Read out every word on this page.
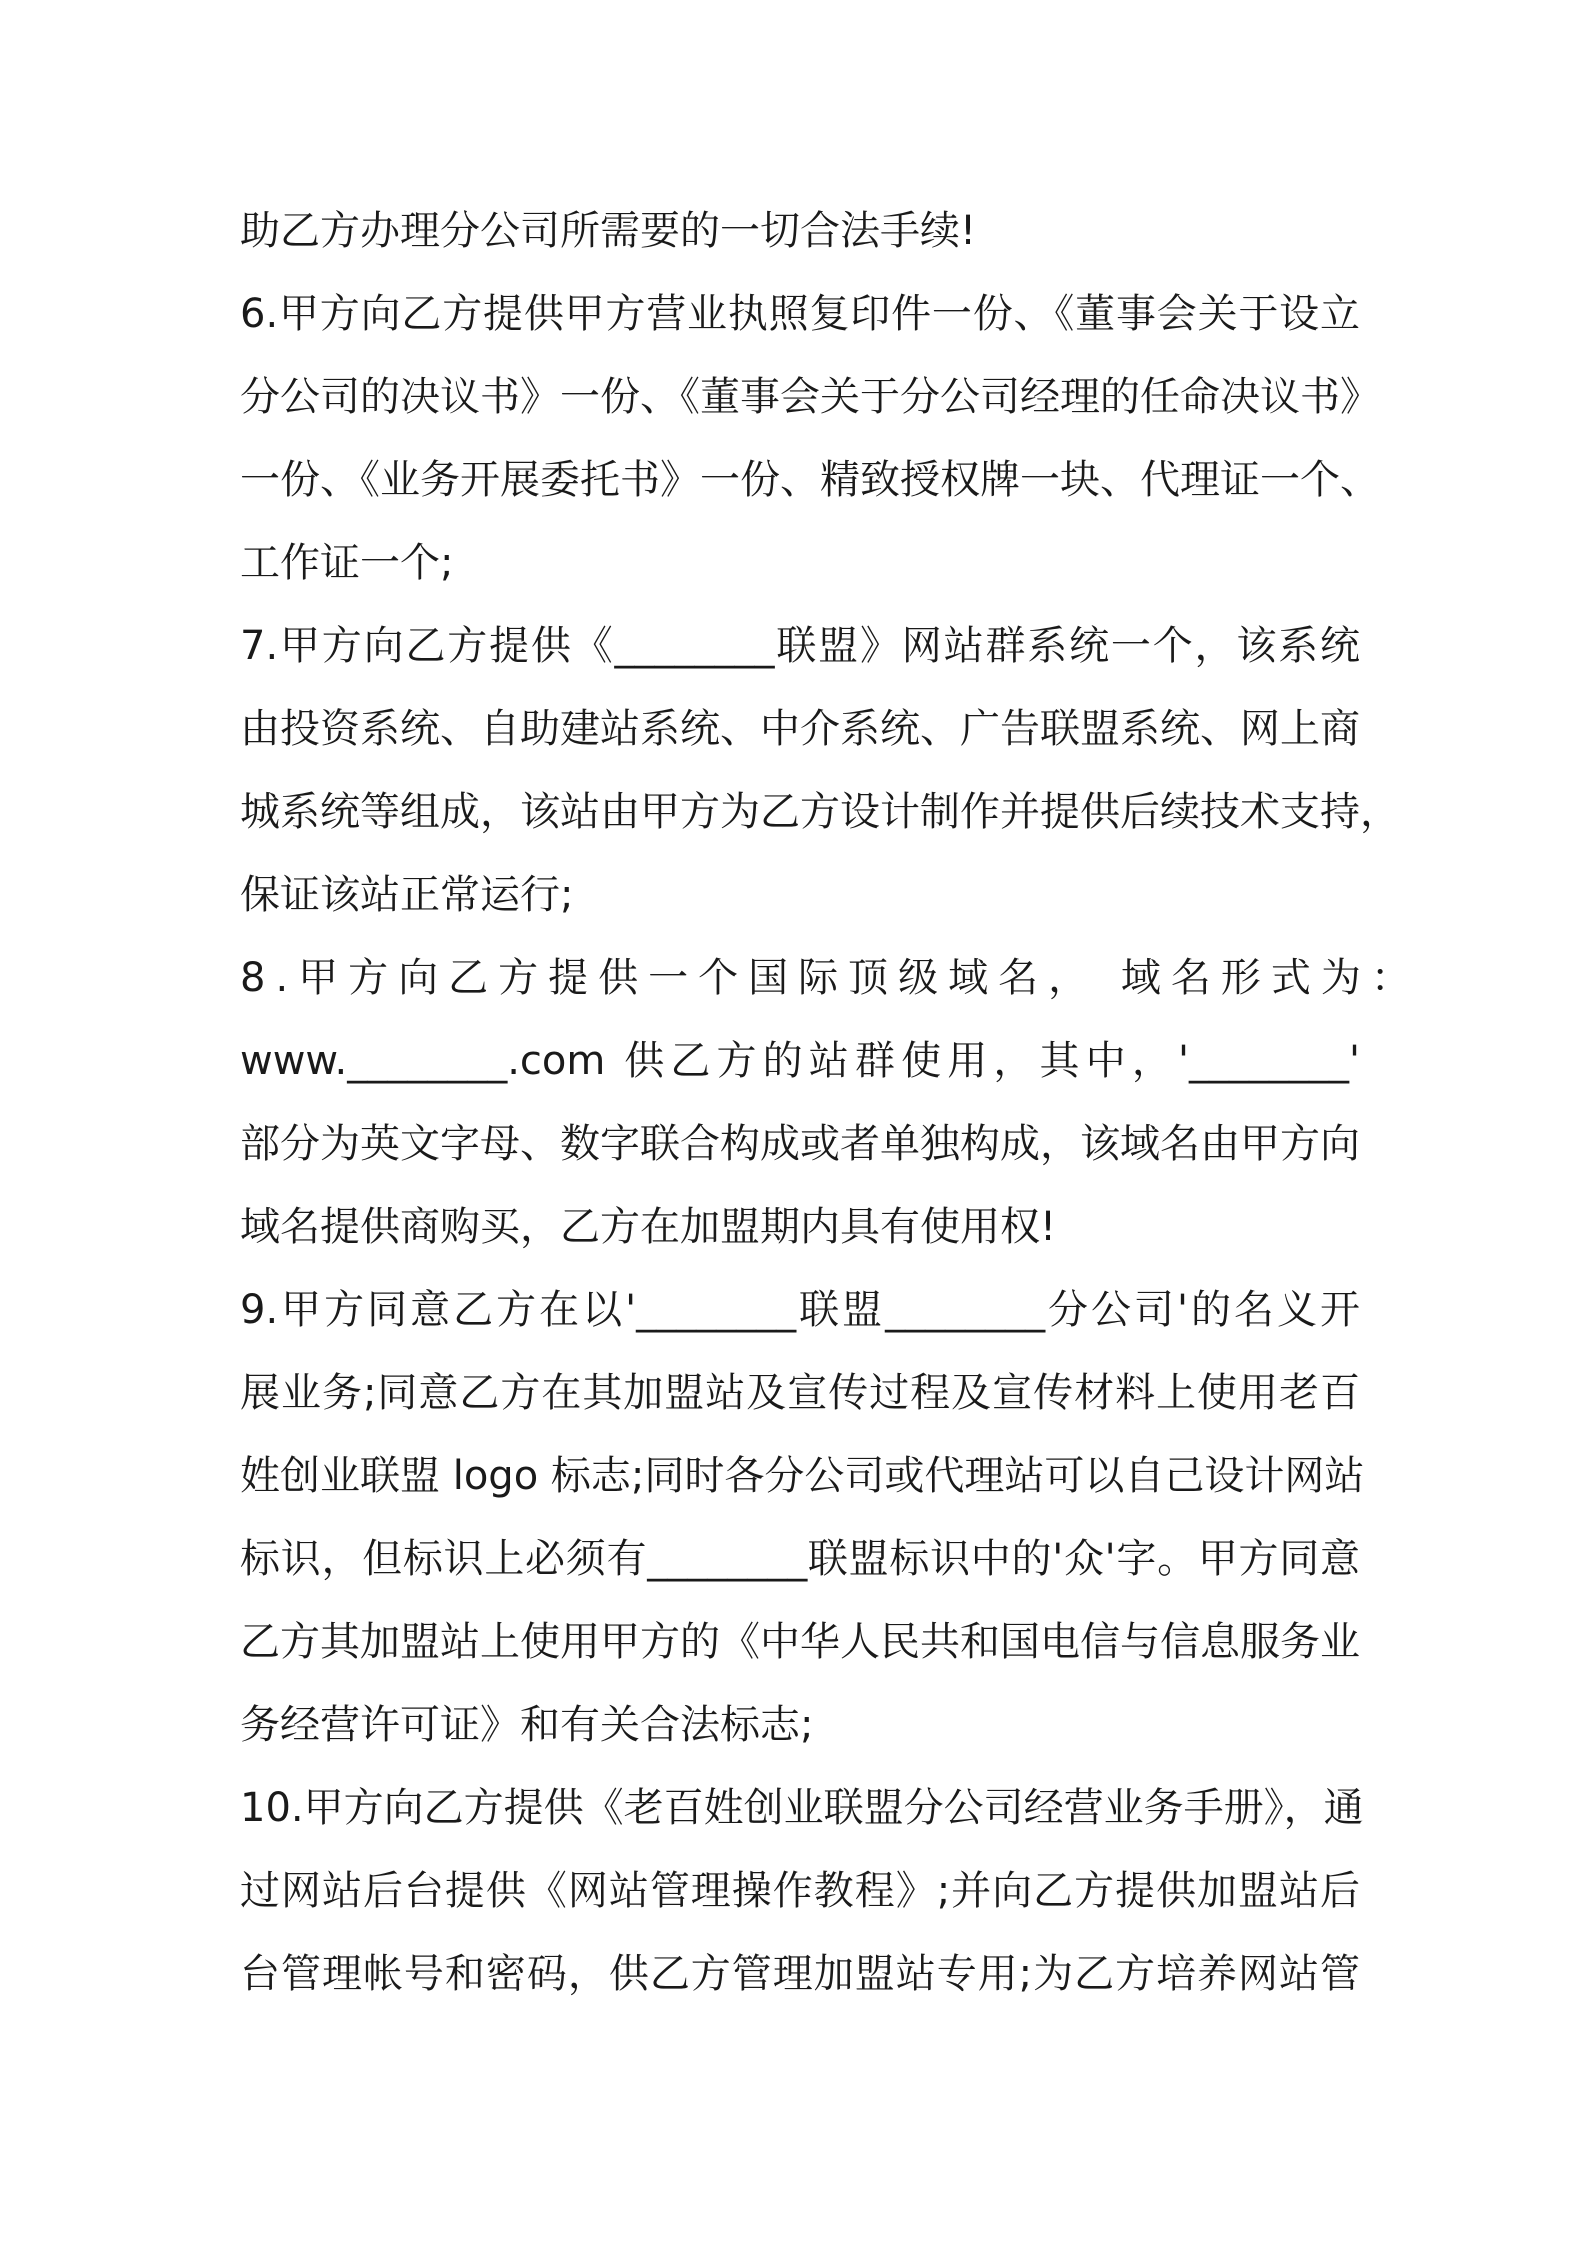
助乙方办理分公司所需要的一切合法手续!
6.甲方向乙方提供甲方营业执照复印件一份、《董事会关于设立
分公司的决议书》一份、《董事会关于分公司经理的任命决议书》
一份、《业务开展委托书》一份、精致授权牌一块、代理证一个、
工作证一个;
7.甲方向乙方提供《________联盟》网站群系统一个，该系统
由投资系统、自助建站系统、中介系统、广告联盟系统、网上商
城系统等组成，该站由甲方为乙方设计制作并提供后续技术支持，
保证该站正常运行;
8.甲方向乙方提供一个国际顶级域名， 域名形式为：
www.________.com 供乙方的站群使用，其中，'________'
部分为英文字母、数字联合构成或者单独构成，该域名由甲方向
域名提供商购买，乙方在加盟期内具有使用权!
9.甲方同意乙方在以'________联盟________分公司'的名义开
展业务;同意乙方在其加盟站及宣传过程及宣传材料上使用老百
姓创业联盟 logo 标志;同时各分公司或代理站可以自己设计网站
标识，但标识上必须有________联盟标识中的'众'字。甲方同意
乙方其加盟站上使用甲方的《中华人民共和国电信与信息服务业
务经营许可证》和有关合法标志;
10.甲方向乙方提供《老百姓创业联盟分公司经营业务手册》，通
过网站后台提供《网站管理操作教程》;并向乙方提供加盟站后
台管理帐号和密码，供乙方管理加盟站专用;为乙方培养网站管
